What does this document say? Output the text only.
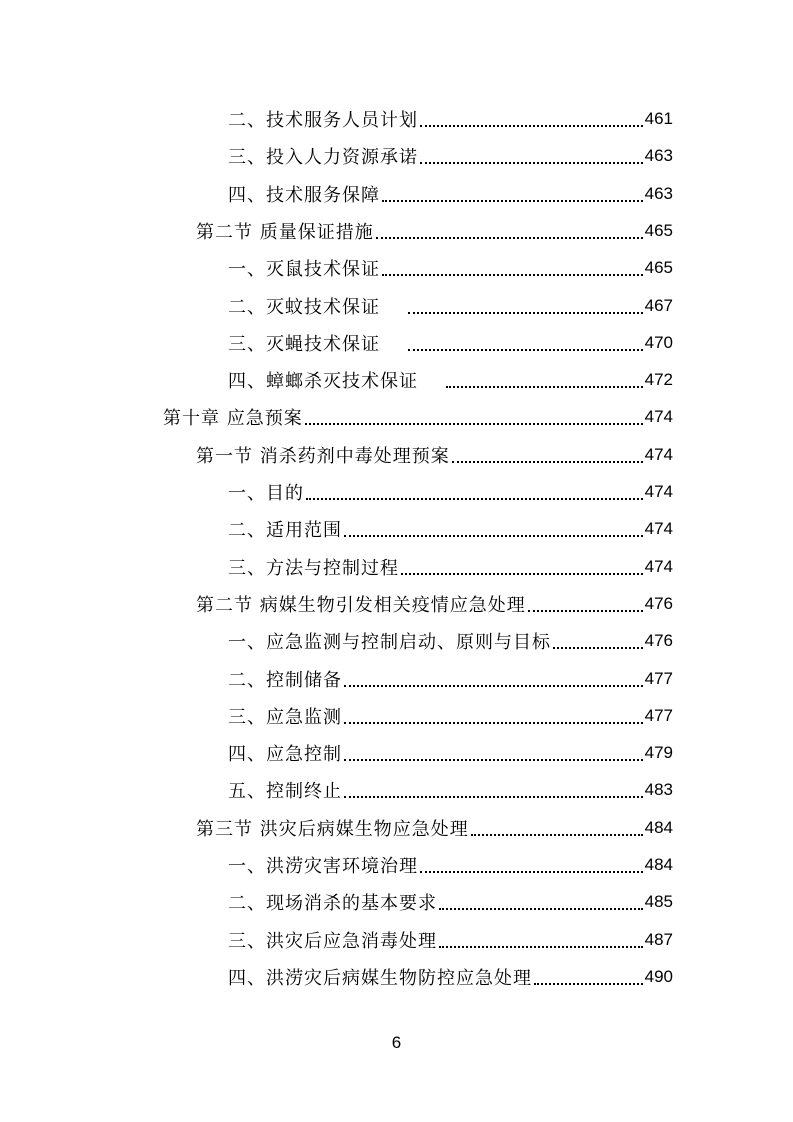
二、技术服务人员计划	461
三、投入人力资源承诺	463
四、技术服务保障	463
第二节 质量保证措施	465
一、灭鼠技术保证	465
二、灭蚊技术保证	467
三、灭蝇技术保证	470
四、蟑螂杀灭技术保证	472
第十章 应急预案	474
第一节 消杀药剂中毒处理预案	474
一、目的	474
二、适用范围	474
三、方法与控制过程	474
第二节 病媒生物引发相关疫情应急处理	476
一、应急监测与控制启动、原则与目标	476
二、控制储备	477
三、应急监测	477
四、应急控制	479
五、控制终止	483
第三节 洪灾后病媒生物应急处理	484
一、洪涝灾害环境治理	484
二、现场消杀的基本要求	485
三、洪灾后应急消毒处理	487
四、洪涝灾后病媒生物防控应急处理	490
6
